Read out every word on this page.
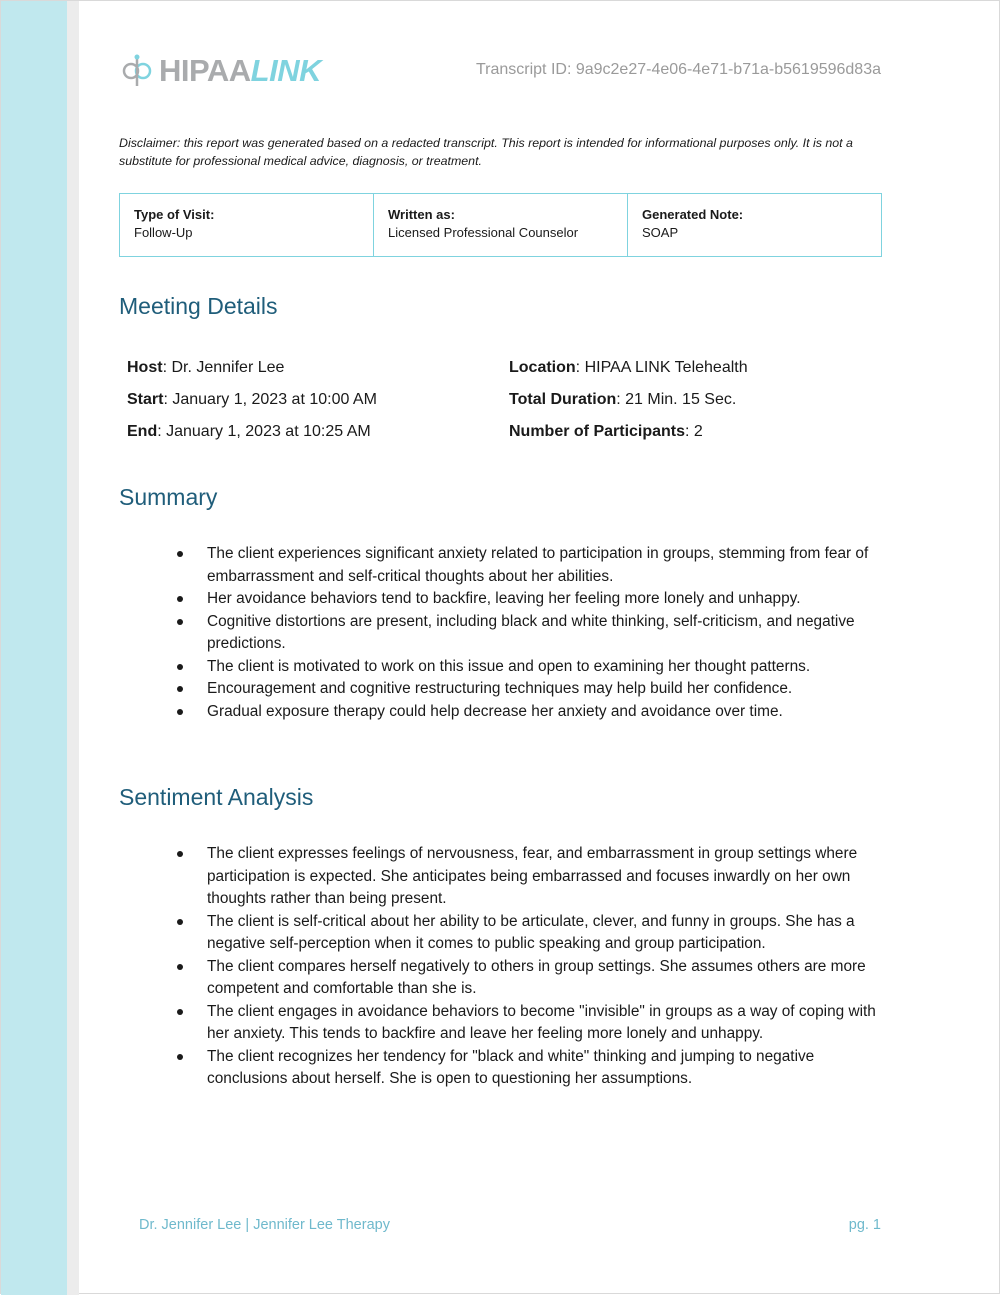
HIPAALINK	Transcript ID: 9a9c2e27-4e06-4e71-b71a-b5619596d83a
Disclaimer: this report was generated based on a redacted transcript. This report is intended for informational purposes only. It is not a substitute for professional medical advice, diagnosis, or treatment.
Type of Visit:
Follow-Up
Written as:
Licensed Professional Counselor
Generated Note:
SOAP
Meeting Details
Host: Dr. Jennifer Lee
Start: January 1, 2023 at 10:00 AM
End: January 1, 2023 at 10:25 AM
Location: HIPAA LINK Telehealth
Total Duration: 21 Min. 15 Sec.
Number of Participants: 2
Summary
The client experiences significant anxiety related to participation in groups, stemming from fear of embarrassment and self-critical thoughts about her abilities.
Her avoidance behaviors tend to backfire, leaving her feeling more lonely and unhappy.
Cognitive distortions are present, including black and white thinking, self-criticism, and negative predictions.
The client is motivated to work on this issue and open to examining her thought patterns.
Encouragement and cognitive restructuring techniques may help build her confidence.
Gradual exposure therapy could help decrease her anxiety and avoidance over time.
Sentiment Analysis
The client expresses feelings of nervousness, fear, and embarrassment in group settings where participation is expected. She anticipates being embarrassed and focuses inwardly on her own thoughts rather than being present.
The client is self-critical about her ability to be articulate, clever, and funny in groups. She has a negative self-perception when it comes to public speaking and group participation.
The client compares herself negatively to others in group settings. She assumes others are more competent and comfortable than she is.
The client engages in avoidance behaviors to become "invisible" in groups as a way of coping with her anxiety. This tends to backfire and leave her feeling more lonely and unhappy.
The client recognizes her tendency for "black and white" thinking and jumping to negative conclusions about herself. She is open to questioning her assumptions.
Dr. Jennifer Lee | Jennifer Lee Therapy	pg. 1
